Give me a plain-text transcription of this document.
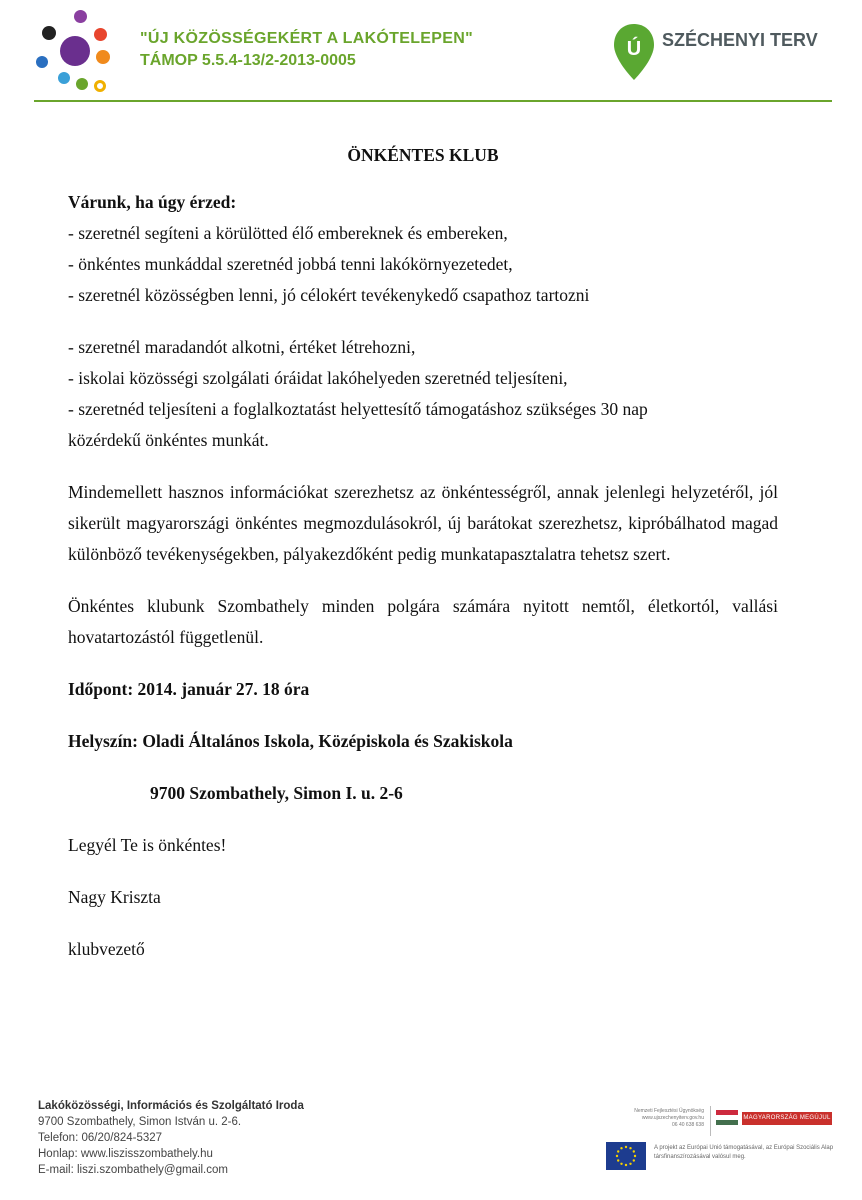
"ÚJ KÖZÖSSÉGEKÉRT A LAKÓTELEPEN"
TÁMOP 5.5.4-13/2-2013-0005
Ú SZÉCHENYI TERV

ÖNKÉNTES KLUB

Várunk, ha úgy érzed:

- szeretnél segíteni a körülötted élő embereknek és embereken,

- önkéntes munkáddal szeretnéd jobbá tenni lakókörnyezetedet,

- szeretnél közösségben lenni, jó célokért tevékenykedő csapathoz tartozni

- szeretnél maradandót alkotni, értéket létrehozni,

- iskolai közösségi szolgálati óráidat lakóhelyeden szeretnéd teljesíteni,

- szeretnéd teljesíteni a foglalkoztatást helyettesítő támogatáshoz szükséges 30 nap

közérdekű önkéntes munkát.

Mindemellett hasznos információkat szerezhetsz az önkéntességről, annak jelenlegi helyzetéről, jól sikerült magyarországi önkéntes megmozdulásokról, új barátokat szerezhetsz, kipróbálhatod magad különböző tevékenységekben, pályakezdőként pedig munkatapasztalatra tehetsz szert.

Önkéntes klubunk Szombathely minden polgára számára nyitott nemtől, életkortól, vallási hovatartozástól függetlenül.

Időpont: 2014. január 27. 18 óra

Helyszín: Oladi Általános Iskola, Középiskola és Szakiskola

9700 Szombathely, Simon I. u. 2-6

Legyél Te is önkéntes!

Nagy Kriszta

klubvezető

Lakóközösségi, Információs és Szolgáltató Iroda
9700 Szombathely, Simon István u. 2-6.
Telefon: 06/20/824-5327
Honlap: www.liszisszombathely.hu
E-mail: liszi.szombathely@gmail.com
Nemzeti Fejlesztési Ügynökség
www.ujszechenyiterv.gov.hu
06 40 638 638
MAGYARORSZÁG MEGÚJUL
A projekt az Európai Unió támogatásával, az Európai Szociális Alap társfinanszírozásával valósul meg.
